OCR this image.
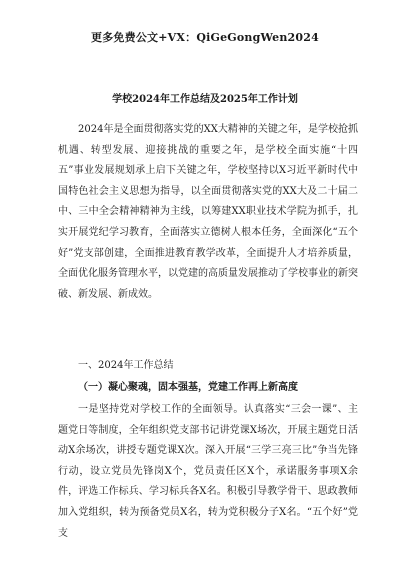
更多免费公文+VX：QiGeGongWen2024
学校2024年工作总结及2025年工作计划
2024年是全面贯彻落实党的XX大精神的关键之年，是学校抢抓机遇、转型发展、迎接挑战的重要之年，是学校全面实施“十四五”事业发展规划承上启下关键之年，学校坚持以X习近平新时代中国特色社会主义思想为指导，以全面贯彻落实党的XX大及二十届二中、三中全会精神精神为主线，以筹建XX职业技术学院为抓手，扎实开展党纪学习教育，全面落实立德树人根本任务，全面深化“五个好”党支部创建，全面推进教育教学改革，全面提升人才培养质量，全面优化服务管理水平，以党建的高质量发展推动了学校事业的新突破、新发展、新成效。
一、2024年工作总结
（一）凝心聚魂，固本强基，党建工作再上新高度
一是坚持党对学校工作的全面领导。认真落实“三会一课”、主题党日等制度，全年组织党支部书记讲党课X场次，开展主题党日活动X余场次，讲授专题党课X次。深入开展“三学三亮三比”争当先锋行动，设立党员先锋岗X个，党员责任区X个，承诺服务事项X余件，评选工作标兵、学习标兵各X名。积极引导教学骨干、思政教师加入党组织，转为预备党员X名，转为党积极分子X名。“五个好”党支
